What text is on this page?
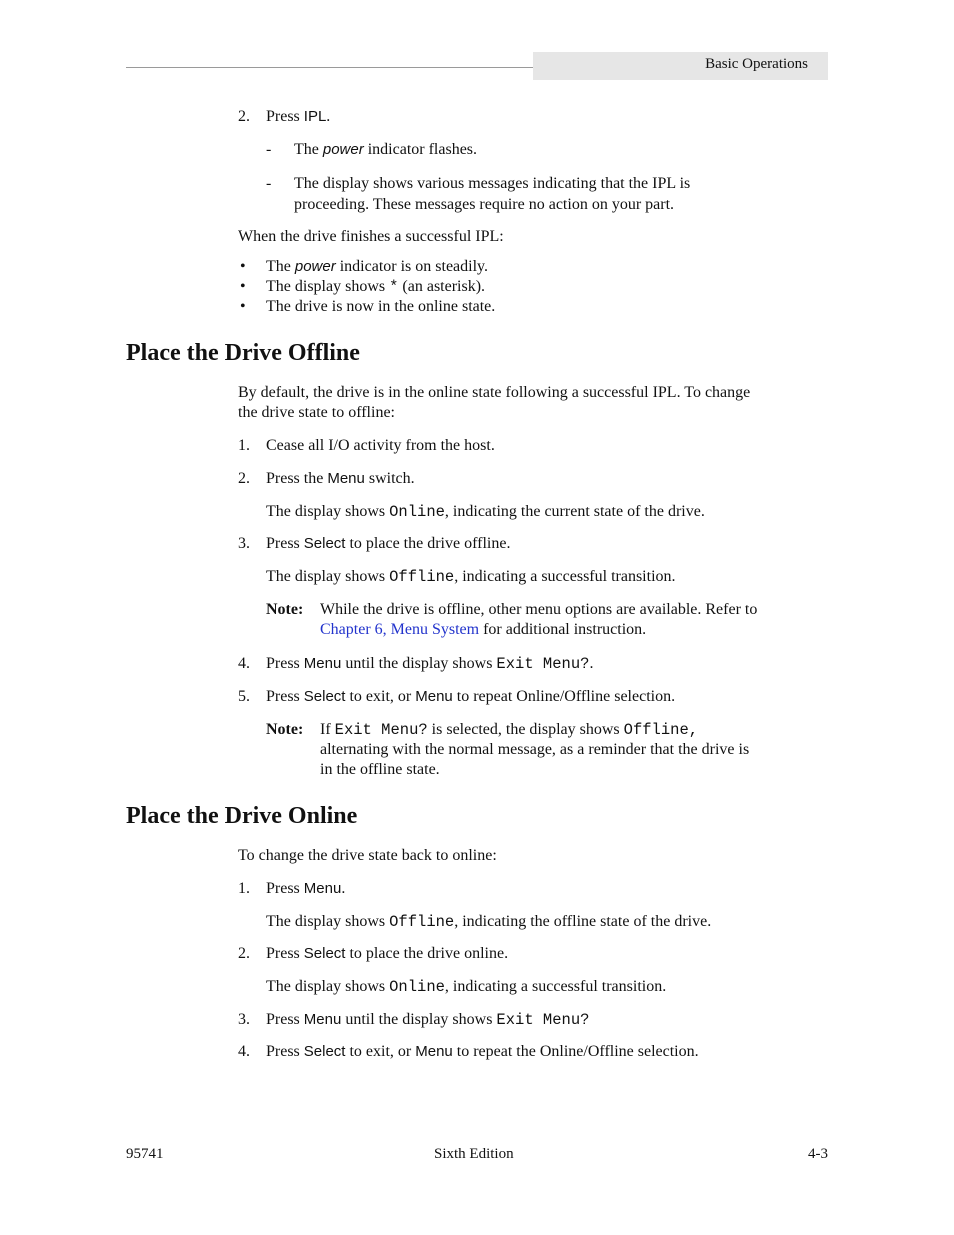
Basic Operations
2. Press IPL.
- The power indicator flashes.
- The display shows various messages indicating that the IPL is
proceeding. These messages require no action on your part.
When the drive finishes a successful IPL:
• The power indicator is on steadily.
• The display shows * (an asterisk).
• The drive is now in the online state.
Place the Drive Offline
By default, the drive is in the online state following a successful IPL. To change
the drive state to offline:
1. Cease all I/O activity from the host.
2. Press the Menu switch.
The display shows Online, indicating the current state of the drive.
3. Press Select to place the drive offline.
The display shows Offline, indicating a successful transition.
Note: While the drive is offline, other menu options are available. Refer to
Chapter 6, Menu System for additional instruction.
4. Press Menu until the display shows Exit Menu?.
5. Press Select to exit, or Menu to repeat Online/Offline selection.
Note: If Exit Menu? is selected, the display shows Offline,
alternating with the normal message, as a reminder that the drive is
in the offline state.
Place the Drive Online
To change the drive state back to online:
1. Press Menu.
The display shows Offline, indicating the offline state of the drive.
2. Press Select to place the drive online.
The display shows Online, indicating a successful transition.
3. Press Menu until the display shows Exit Menu?
4. Press Select to exit, or Menu to repeat the Online/Offline selection.
95741	Sixth Edition	4-3
